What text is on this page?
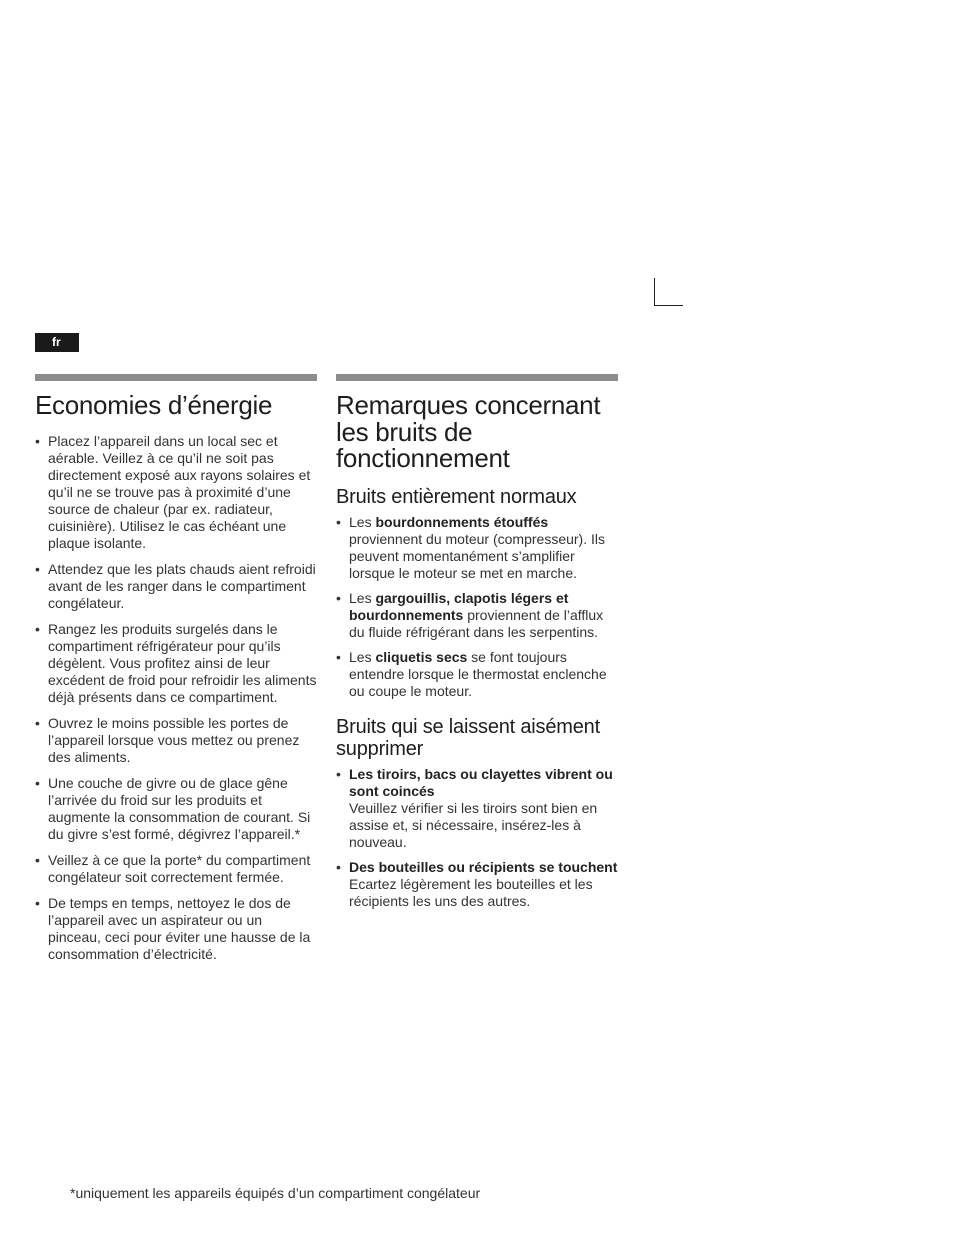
fr
Economies d’énergie
• Placez l’appareil dans un local sec et aérable. Veillez à ce qu’il ne soit pas directement exposé aux rayons solaires et qu’il ne se trouve pas à proximité d’une source de chaleur (par ex. radiateur, cuisinière). Utilisez le cas échéant une plaque isolante.
• Attendez que les plats chauds aient refroidi avant de les ranger dans le compartiment congélateur.
• Rangez les produits surgelés dans le compartiment réfrigérateur pour qu’ils dégèlent. Vous profitez ainsi de leur excédent de froid pour refroidir les aliments déjà présents dans ce compartiment.
• Ouvrez le moins possible les portes de l’appareil lorsque vous mettez ou prenez des aliments.
• Une couche de givre ou de glace gêne l’arrivée du froid sur les produits et augmente la consommation de courant. Si du givre s’est formé, dégivrez l’appareil.*
• Veillez à ce que la porte* du compartiment congélateur soit correctement fermée.
• De temps en temps, nettoyez le dos de l’appareil avec un aspirateur ou un pinceau, ceci pour éviter une hausse de la consommation d’électricité.
Remarques concernant les bruits de fonctionnement
Bruits entièrement normaux
• Les bourdonnements étouffés proviennent du moteur (compresseur). Ils peuvent momentanément s’amplifier lorsque le moteur se met en marche.
• Les gargouillis, clapotis légers et bourdonnements proviennent de l’afflux du fluide réfrigérant dans les serpentins.
• Les cliquetis secs se font toujours entendre lorsque le thermostat enclenche ou coupe le moteur.
Bruits qui se laissent aisément supprimer
• Les tiroirs, bacs ou clayettes vibrent ou sont coincés
Veuillez vérifier si les tiroirs sont bien en assise et, si nécessaire, insérez-les à nouveau.
• Des bouteilles ou récipients se touchent
Ecartez légèrement les bouteilles et les récipients les uns des autres.
*uniquement les appareils équipés d’un compartiment congélateur
